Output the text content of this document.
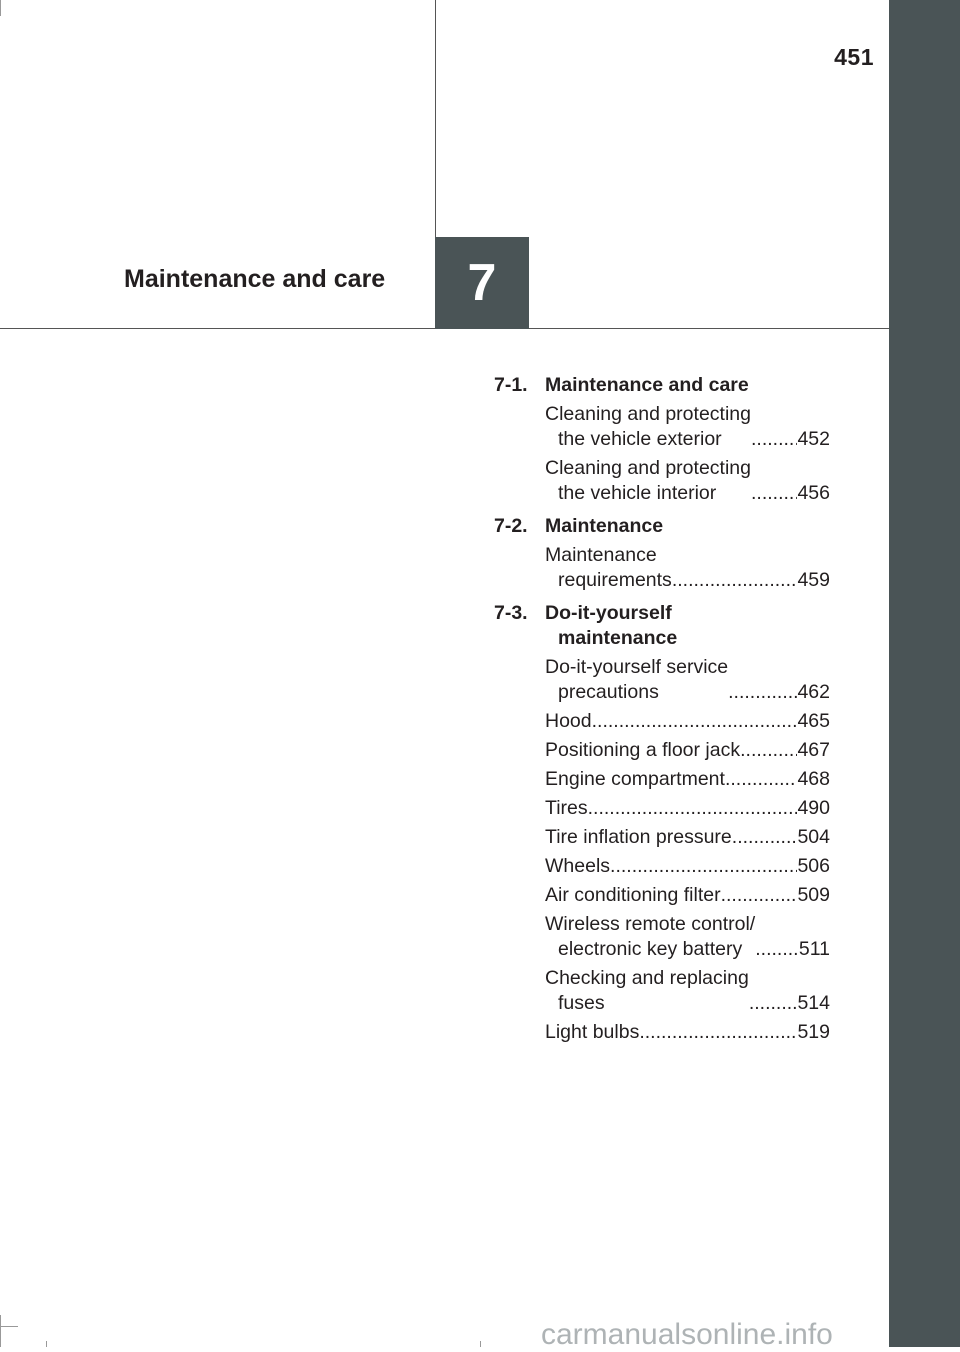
451
Maintenance and care 7
7-1. Maintenance and care
Cleaning and protecting
the vehicle exterior .....	452
Cleaning and protecting
the vehicle interior .....	456
7-2. Maintenance
Maintenance
requirements .....	459
7-3. Do-it-yourself
maintenance
Do-it-yourself service
precautions .....	462
Hood .....	465
Positioning a floor jack .....	467
Engine compartment .....	468
Tires .....	490
Tire inflation pressure .....	504
Wheels .....	506
Air conditioning filter .....	509
Wireless remote control/
electronic key battery .....	511
Checking and replacing
fuses .....	514
Light bulbs .....	519
carmanualsonline.info
